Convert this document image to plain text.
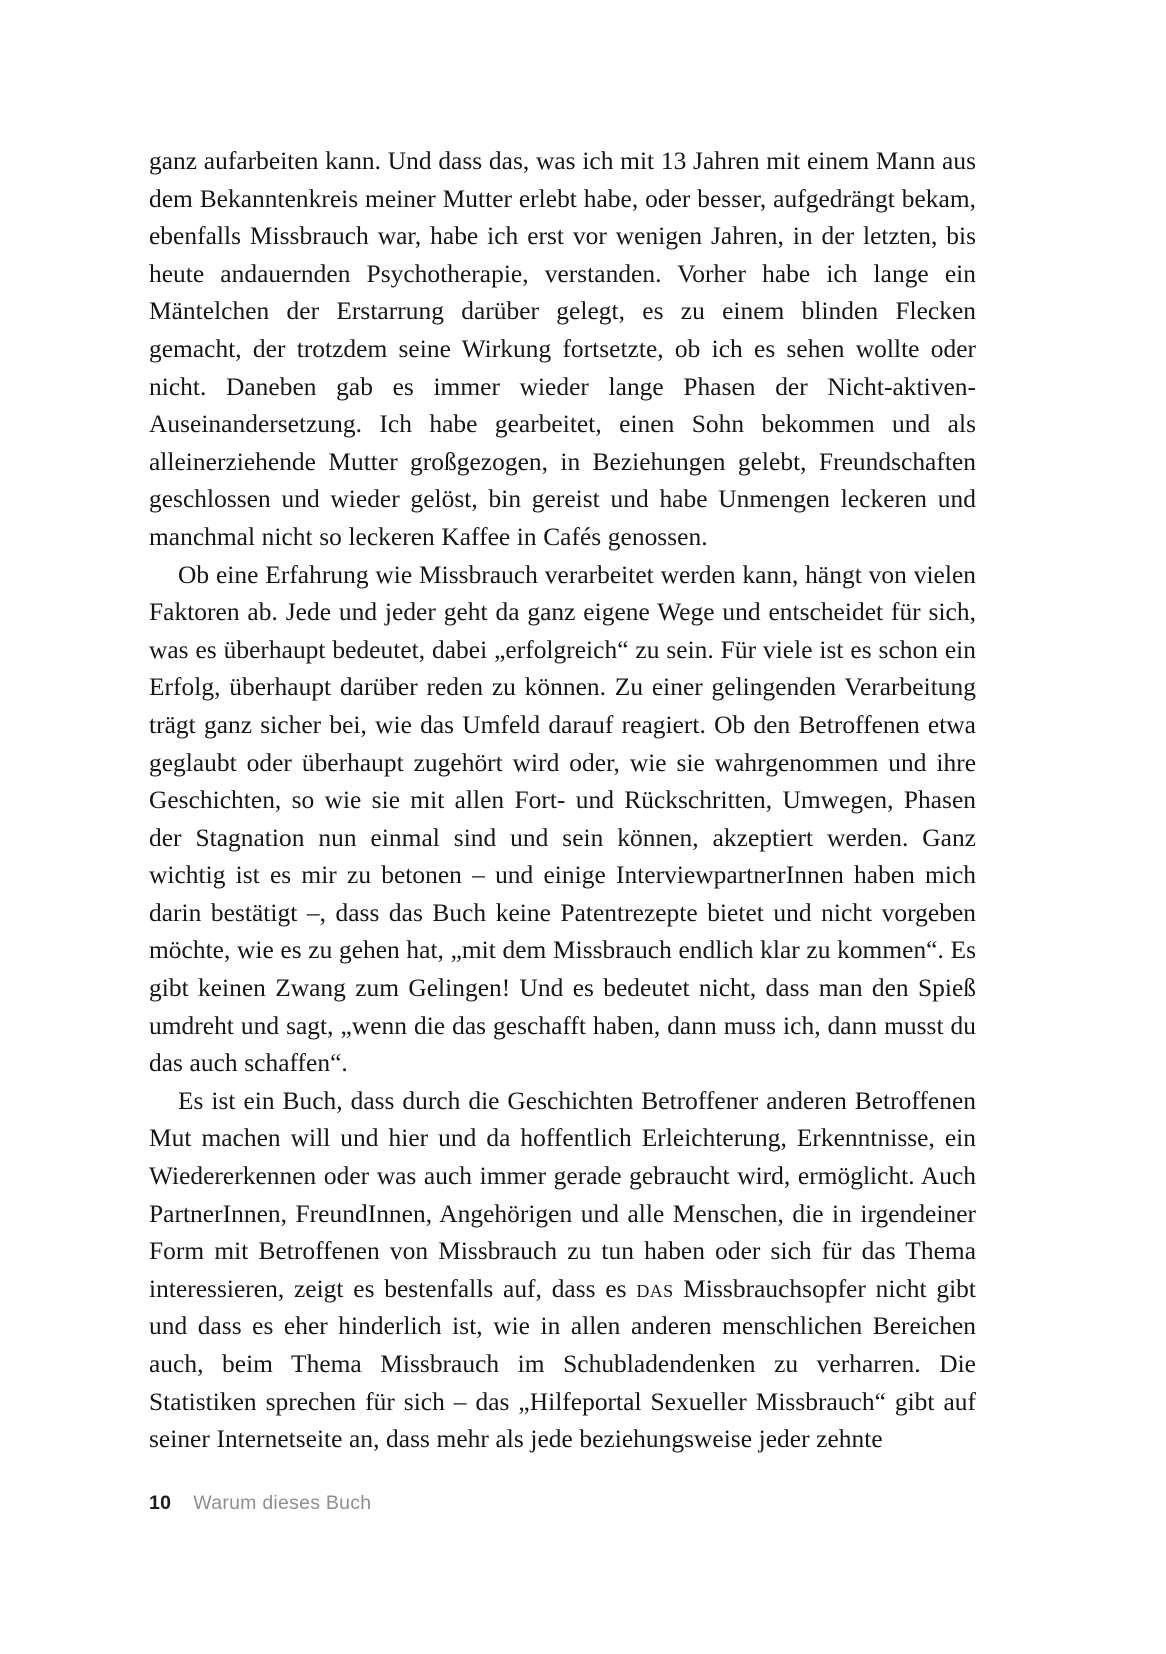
ganz aufarbeiten kann. Und dass das, was ich mit 13 Jahren mit einem Mann aus dem Bekanntenkreis meiner Mutter erlebt habe, oder besser, aufgedrängt bekam, ebenfalls Missbrauch war, habe ich erst vor wenigen Jahren, in der letzten, bis heute andauernden Psychotherapie, verstanden. Vorher habe ich lange ein Mäntelchen der Erstarrung darüber gelegt, es zu einem blinden Flecken gemacht, der trotzdem seine Wirkung fortsetzte, ob ich es sehen wollte oder nicht. Daneben gab es immer wieder lange Phasen der Nicht-aktiven-Auseinandersetzung. Ich habe gearbeitet, einen Sohn bekommen und als alleinerziehende Mutter großgezogen, in Beziehungen gelebt, Freundschaften geschlossen und wieder gelöst, bin gereist und habe Unmengen leckeren und manchmal nicht so leckeren Kaffee in Cafés genossen.

Ob eine Erfahrung wie Missbrauch verarbeitet werden kann, hängt von vielen Faktoren ab. Jede und jeder geht da ganz eigene Wege und entscheidet für sich, was es überhaupt bedeutet, dabei „erfolgreich“ zu sein. Für viele ist es schon ein Erfolg, überhaupt darüber reden zu können. Zu einer gelingenden Verarbeitung trägt ganz sicher bei, wie das Umfeld darauf reagiert. Ob den Betroffenen etwa geglaubt oder überhaupt zugehört wird oder, wie sie wahrgenommen und ihre Geschichten, so wie sie mit allen Fort- und Rückschritten, Umwegen, Phasen der Stagnation nun einmal sind und sein können, akzeptiert werden. Ganz wichtig ist es mir zu betonen – und einige InterviewpartnerInnen haben mich darin bestätigt –, dass das Buch keine Patentrezepte bietet und nicht vorgeben möchte, wie es zu gehen hat, „mit dem Missbrauch endlich klar zu kommen“. Es gibt keinen Zwang zum Gelingen! Und es bedeutet nicht, dass man den Spieß umdreht und sagt, „wenn die das geschafft haben, dann muss ich, dann musst du das auch schaffen“.

Es ist ein Buch, dass durch die Geschichten Betroffener anderen Betroffenen Mut machen will und hier und da hoffentlich Erleichterung, Erkenntnisse, ein Wiedererkennen oder was auch immer gerade gebraucht wird, ermöglicht. Auch PartnerInnen, FreundInnen, Angehörigen und alle Menschen, die in irgendeiner Form mit Betroffenen von Missbrauch zu tun haben oder sich für das Thema interessieren, zeigt es bestenfalls auf, dass es das Missbrauchsopfer nicht gibt und dass es eher hinderlich ist, wie in allen anderen menschlichen Bereichen auch, beim Thema Missbrauch im Schubladendenken zu verharren. Die Statistiken sprechen für sich – das „Hilfeportal Sexueller Missbrauch“ gibt auf seiner Internetseite an, dass mehr als jede beziehungsweise jeder zehnte

10 Warum dieses Buch
